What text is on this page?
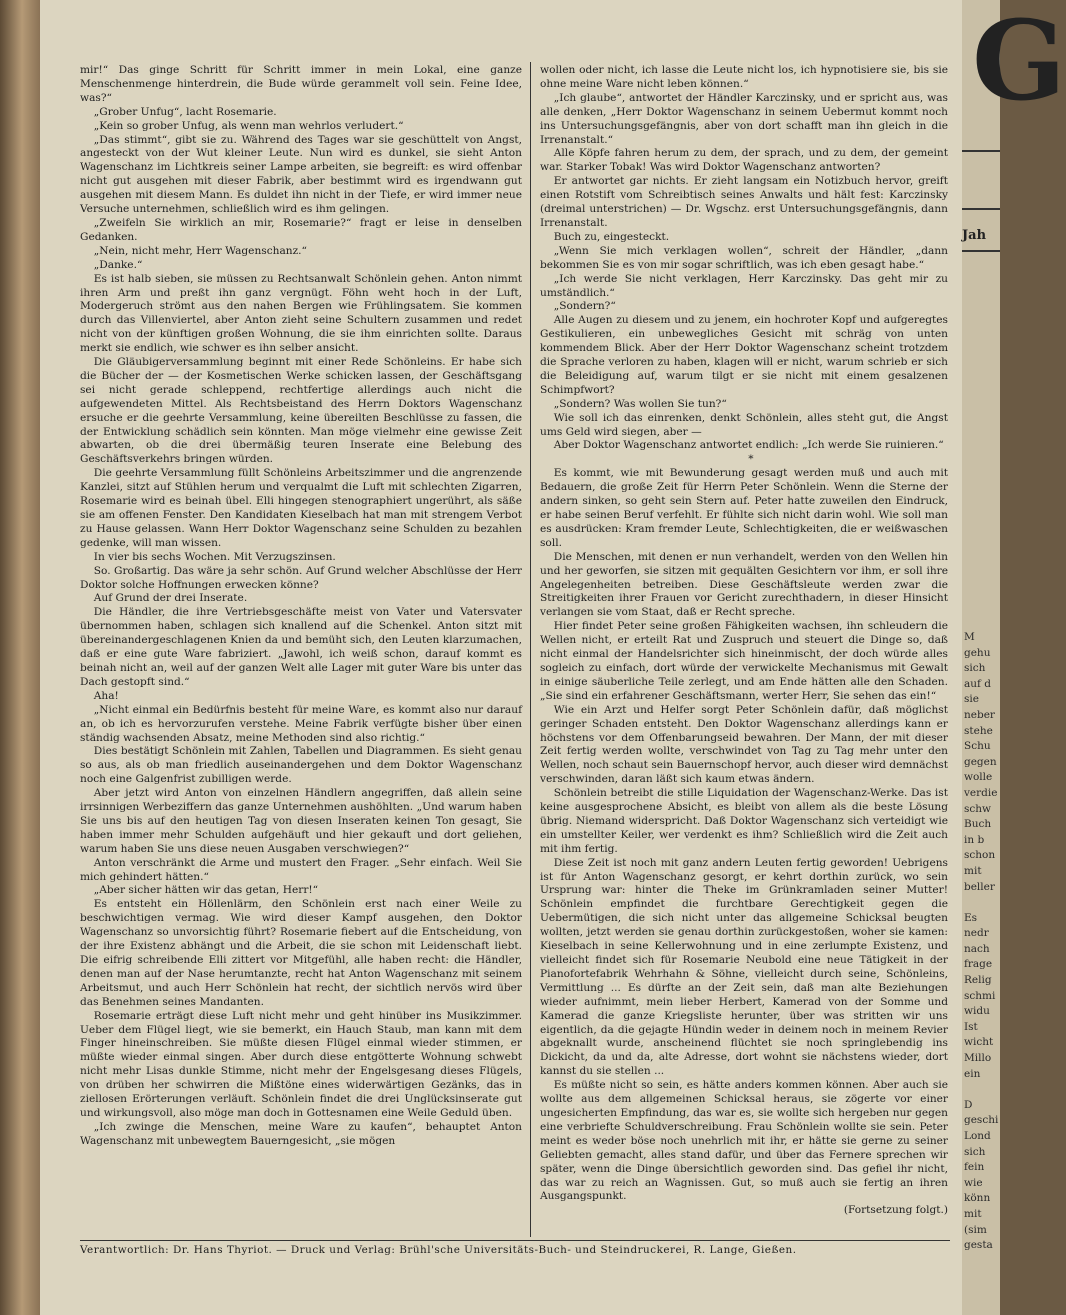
mir!“ Das ginge Schritt für Schritt immer in mein Lokal, eine ganze Menschenmenge hinterdrein, die Bude würde gerammelt voll sein. Feine Idee, was?“

„Grober Unfug“, lacht Rosemarie.

„Kein so grober Unfug, als wenn man wehrlos verludert.“

„Das stimmt“, gibt sie zu. Während des Tages war sie geschüttelt von Angst, angesteckt von der Wut kleiner Leute. Nun wird es dunkel, sie sieht Anton Wagenschanz im Lichtkreis seiner Lampe arbeiten, sie begreift: es wird offenbar nicht gut ausgehen mit dieser Fabrik, aber bestimmt wird es irgendwann gut ausgehen mit diesem Mann. Es duldet ihn nicht in der Tiefe, er wird immer neue Versuche unternehmen, schließlich wird es ihm gelingen.

„Zweifeln Sie wirklich an mir, Rosemarie?“ fragt er leise in denselben Gedanken.

„Nein, nicht mehr, Herr Wagenschanz.“

„Danke.“

Es ist halb sieben, sie müssen zu Rechtsanwalt Schönlein gehen. Anton nimmt ihren Arm und preßt ihn ganz vergnügt. Föhn weht hoch in der Luft, Modergeruch strömt aus den nahen Bergen wie Frühlingsatem. Sie kommen durch das Villenviertel, aber Anton zieht seine Schultern zusammen und redet nicht von der künftigen großen Wohnung, die sie ihm einrichten sollte. Daraus merkt sie endlich, wie schwer es ihn selber ansicht.

Die Gläubigerversammlung beginnt mit einer Rede Schönleins. Er habe sich die Bücher der — der Kosmetischen Werke schicken lassen, der Geschäftsgang sei nicht gerade schleppend, rechtfertige allerdings auch nicht die aufgewendeten Mittel. Als Rechtsbeistand des Herrn Doktors Wagenschanz ersuche er die geehrte Versammlung, keine übereilten Beschlüsse zu fassen, die der Entwicklung schädlich sein könnten. Man möge vielmehr eine gewisse Zeit abwarten, ob die drei übermäßig teuren Inserate eine Belebung des Geschäftsverkehrs bringen würden.

Die geehrte Versammlung füllt Schönleins Arbeitszimmer und die angrenzende Kanzlei, sitzt auf Stühlen herum und verqualmt die Luft mit schlechten Zigarren, Rosemarie wird es beinah übel. Elli hingegen stenographiert ungerührt, als säße sie am offenen Fenster. Den Kandidaten Kieselbach hat man mit strengem Verbot zu Hause gelassen. Wann Herr Doktor Wagenschanz seine Schulden zu bezahlen gedenke, will man wissen.

In vier bis sechs Wochen. Mit Verzugszinsen.

So. Großartig. Das wäre ja sehr schön. Auf Grund welcher Abschlüsse der Herr Doktor solche Hoffnungen erwecken könne?

Auf Grund der drei Inserate.

Die Händler, die ihre Vertriebsgeschäfte meist von Vater und Vatersvater übernommen haben, schlagen sich knallend auf die Schenkel. Anton sitzt mit übereinandergeschlagenen Knien da und bemüht sich, den Leuten klarzumachen, daß er eine gute Ware fabriziert. „Jawohl, ich weiß schon, darauf kommt es beinah nicht an, weil auf der ganzen Welt alle Lager mit guter Ware bis unter das Dach gestopft sind.“

Aha!

„Nicht einmal ein Bedürfnis besteht für meine Ware, es kommt also nur darauf an, ob ich es hervorzurufen verstehe. Meine Fabrik verfügte bisher über einen ständig wachsenden Absatz, meine Methoden sind also richtig.“

Dies bestätigt Schönlein mit Zahlen, Tabellen und Diagrammen. Es sieht genau so aus, als ob man friedlich auseinandergehen und dem Doktor Wagenschanz noch eine Galgenfrist zubilligen werde.

Aber jetzt wird Anton von einzelnen Händlern angegriffen, daß allein seine irrsinnigen Werbeziffern das ganze Unternehmen aushöhlten. „Und warum haben Sie uns bis auf den heutigen Tag von diesen Inseraten keinen Ton gesagt, Sie haben immer mehr Schulden aufgehäuft und hier gekauft und dort geliehen, warum haben Sie uns diese neuen Ausgaben verschwiegen?“

Anton verschränkt die Arme und mustert den Frager. „Sehr einfach. Weil Sie mich gehindert hätten.“

„Aber sicher hätten wir das getan, Herr!“

Es entsteht ein Höllenlärm, den Schönlein erst nach einer Weile zu beschwichtigen vermag. Wie wird dieser Kampf ausgehen, den Doktor Wagenschanz so unvorsichtig führt? Rosemarie fiebert auf die Entscheidung, von der ihre Existenz abhängt und die Arbeit, die sie schon mit Leidenschaft liebt. Die eifrig schreibende Elli zittert vor Mitgefühl, alle haben recht: die Händler, denen man auf der Nase herumtanzte, recht hat Anton Wagenschanz mit seinem Arbeitsmut, und auch Herr Schönlein hat recht, der sichtlich nervös wird über das Benehmen seines Mandanten.

Rosemarie erträgt diese Luft nicht mehr und geht hinüber ins Musikzimmer. Ueber dem Flügel liegt, wie sie bemerkt, ein Hauch Staub, man kann mit dem Finger hineinschreiben. Sie müßte diesen Flügel einmal wieder stimmen, er müßte wieder einmal singen. Aber durch diese entgötterte Wohnung schwebt nicht mehr Lisas dunkle Stimme, nicht mehr der Engelsgesang dieses Flügels, von drüben her schwirren die Mißtöne eines widerwärtigen Gezänks, das in ziellosen Erörterungen verläuft. Schönlein findet die drei Unglücksinserate gut und wirkungsvoll, also möge man doch in Gottesnamen eine Weile Geduld üben.

„Ich zwinge die Menschen, meine Ware zu kaufen“, behauptet Anton Wagenschanz mit unbewegtem Bauerngesicht, „sie mögen

wollen oder nicht, ich lasse die Leute nicht los, ich hypnotisiere sie, bis sie ohne meine Ware nicht leben können.“

„Ich glaube“, antwortet der Händler Karczinsky, und er spricht aus, was alle denken, „Herr Doktor Wagenschanz in seinem Uebermut kommt noch ins Untersuchungsgefängnis, aber von dort schafft man ihn gleich in die Irrenanstalt.“

Alle Köpfe fahren herum zu dem, der sprach, und zu dem, der gemeint war. Starker Tobak! Was wird Doktor Wagenschanz antworten?

Er antwortet gar nichts. Er zieht langsam ein Notizbuch hervor, greift einen Rotstift vom Schreibtisch seines Anwalts und hält fest: Karczinsky (dreimal unterstrichen) — Dr. Wgschz. erst Untersuchungsgefängnis, dann Irrenanstalt.

Buch zu, eingesteckt.

„Wenn Sie mich verklagen wollen“, schreit der Händler, „dann bekommen Sie es von mir sogar schriftlich, was ich eben gesagt habe.“

„Ich werde Sie nicht verklagen, Herr Karczinsky. Das geht mir zu umständlich.“

„Sondern?“

Alle Augen zu diesem und zu jenem, ein hochroter Kopf und aufgeregtes Gestikulieren, ein unbewegliches Gesicht mit schräg von unten kommendem Blick. Aber der Herr Doktor Wagenschanz scheint trotzdem die Sprache verloren zu haben, klagen will er nicht, warum schrieb er sich die Beleidigung auf, warum tilgt er sie nicht mit einem gesalzenen Schimpfwort?

„Sondern? Was wollen Sie tun?“

Wie soll ich das einrenken, denkt Schönlein, alles steht gut, die Angst ums Geld wird siegen, aber —

Aber Doktor Wagenschanz antwortet endlich: „Ich werde Sie ruinieren.“

*

Es kommt, wie mit Bewunderung gesagt werden muß und auch mit Bedauern, die große Zeit für Herrn Peter Schönlein. Wenn die Sterne der andern sinken, so geht sein Stern auf. Peter hatte zuweilen den Eindruck, er habe seinen Beruf verfehlt. Er fühlte sich nicht darin wohl. Wie soll man es ausdrücken: Kram fremder Leute, Schlechtigkeiten, die er weißwaschen soll.

Die Menschen, mit denen er nun verhandelt, werden von den Wellen hin und her geworfen, sie sitzen mit gequälten Gesichtern vor ihm, er soll ihre Angelegenheiten betreiben. Diese Geschäftsleute werden zwar die Streitigkeiten ihrer Frauen vor Gericht zurechthadern, in dieser Hinsicht verlangen sie vom Staat, daß er Recht spreche.

Hier findet Peter seine großen Fähigkeiten wachsen, ihn schleudern die Wellen nicht, er erteilt Rat und Zuspruch und steuert die Dinge so, daß nicht einmal der Handelsrichter sich hineinmischt, der doch würde alles sogleich zu einfach, dort würde der verwickelte Mechanismus mit Gewalt in einige säuberliche Teile zerlegt, und am Ende hätten alle den Schaden. „Sie sind ein erfahrener Geschäftsmann, werter Herr, Sie sehen das ein!“

Wie ein Arzt und Helfer sorgt Peter Schönlein dafür, daß möglichst geringer Schaden entsteht. Den Doktor Wagenschanz allerdings kann er höchstens vor dem Offenbarungseid bewahren. Der Mann, der mit dieser Zeit fertig werden wollte, verschwindet von Tag zu Tag mehr unter den Wellen, noch schaut sein Bauernschopf hervor, auch dieser wird demnächst verschwinden, daran läßt sich kaum etwas ändern.

Schönlein betreibt die stille Liquidation der Wagenschanz-Werke. Das ist keine ausgesprochene Absicht, es bleibt von allem als die beste Lösung übrig. Niemand widerspricht. Daß Doktor Wagenschanz sich verteidigt wie ein umstellter Keiler, wer verdenkt es ihm? Schließlich wird die Zeit auch mit ihm fertig.

Diese Zeit ist noch mit ganz andern Leuten fertig geworden! Uebrigens ist für Anton Wagenschanz gesorgt, er kehrt dorthin zurück, wo sein Ursprung war: hinter die Theke im Grünkramladen seiner Mutter! Schönlein empfindet die furchtbare Gerechtigkeit gegen die Uebermütigen, die sich nicht unter das allgemeine Schicksal beugten wollten, jetzt werden sie genau dorthin zurückgestoßen, woher sie kamen: Kieselbach in seine Kellerwohnung und in eine zerlumpte Existenz, und vielleicht findet sich für Rosemarie Neubold eine neue Tätigkeit in der Pianofortefabrik Wehrhahn & Söhne, vielleicht durch seine, Schönleins, Vermittlung ... Es dürfte an der Zeit sein, daß man alte Beziehungen wieder aufnimmt, mein lieber Herbert, Kamerad von der Somme und Kamerad die ganze Kriegsliste herunter, über was stritten wir uns eigentlich, da die gejagte Hündin weder in deinem noch in meinem Revier abgeknallt wurde, anscheinend flüchtet sie noch springlebendig ins Dickicht, da und da, alte Adresse, dort wohnt sie nächstens wieder, dort kannst du sie stellen ...

Es müßte nicht so sein, es hätte anders kommen können. Aber auch sie wollte aus dem allgemeinen Schicksal heraus, sie zögerte vor einer ungesicherten Empfindung, das war es, sie wollte sich hergeben nur gegen eine verbriefte Schuldverschreibung. Frau Schönlein wollte sie sein. Peter meint es weder böse noch unehrlich mit ihr, er hätte sie gerne zu seiner Geliebten gemacht, alles stand dafür, und über das Fernere sprechen wir später, wenn die Dinge übersichtlich geworden sind. Das gefiel ihr nicht, das war zu reich an Wagnissen. Gut, so muß auch sie fertig an ihren Ausgangspunkt.

(Fortsetzung folgt.)

Verantwortlich: Dr. Hans Thyriot. — Druck und Verlag: Brühl'sche Universitäts-Buch- und Steindruckerei, R. Lange, Gießen.
G
Jah
M
gehu
sich
auf d
sie
neber
stehe
Schu
gegen
wolle
verdie
schw
Buch
in b
schon
mit
beller

Es
nedr
nach
frage
Relig
schmi
widu
Ist
wicht
Millo
ein

D
geschi
Lond
sich
fein
wie
könn
mit
(sim
gesta
